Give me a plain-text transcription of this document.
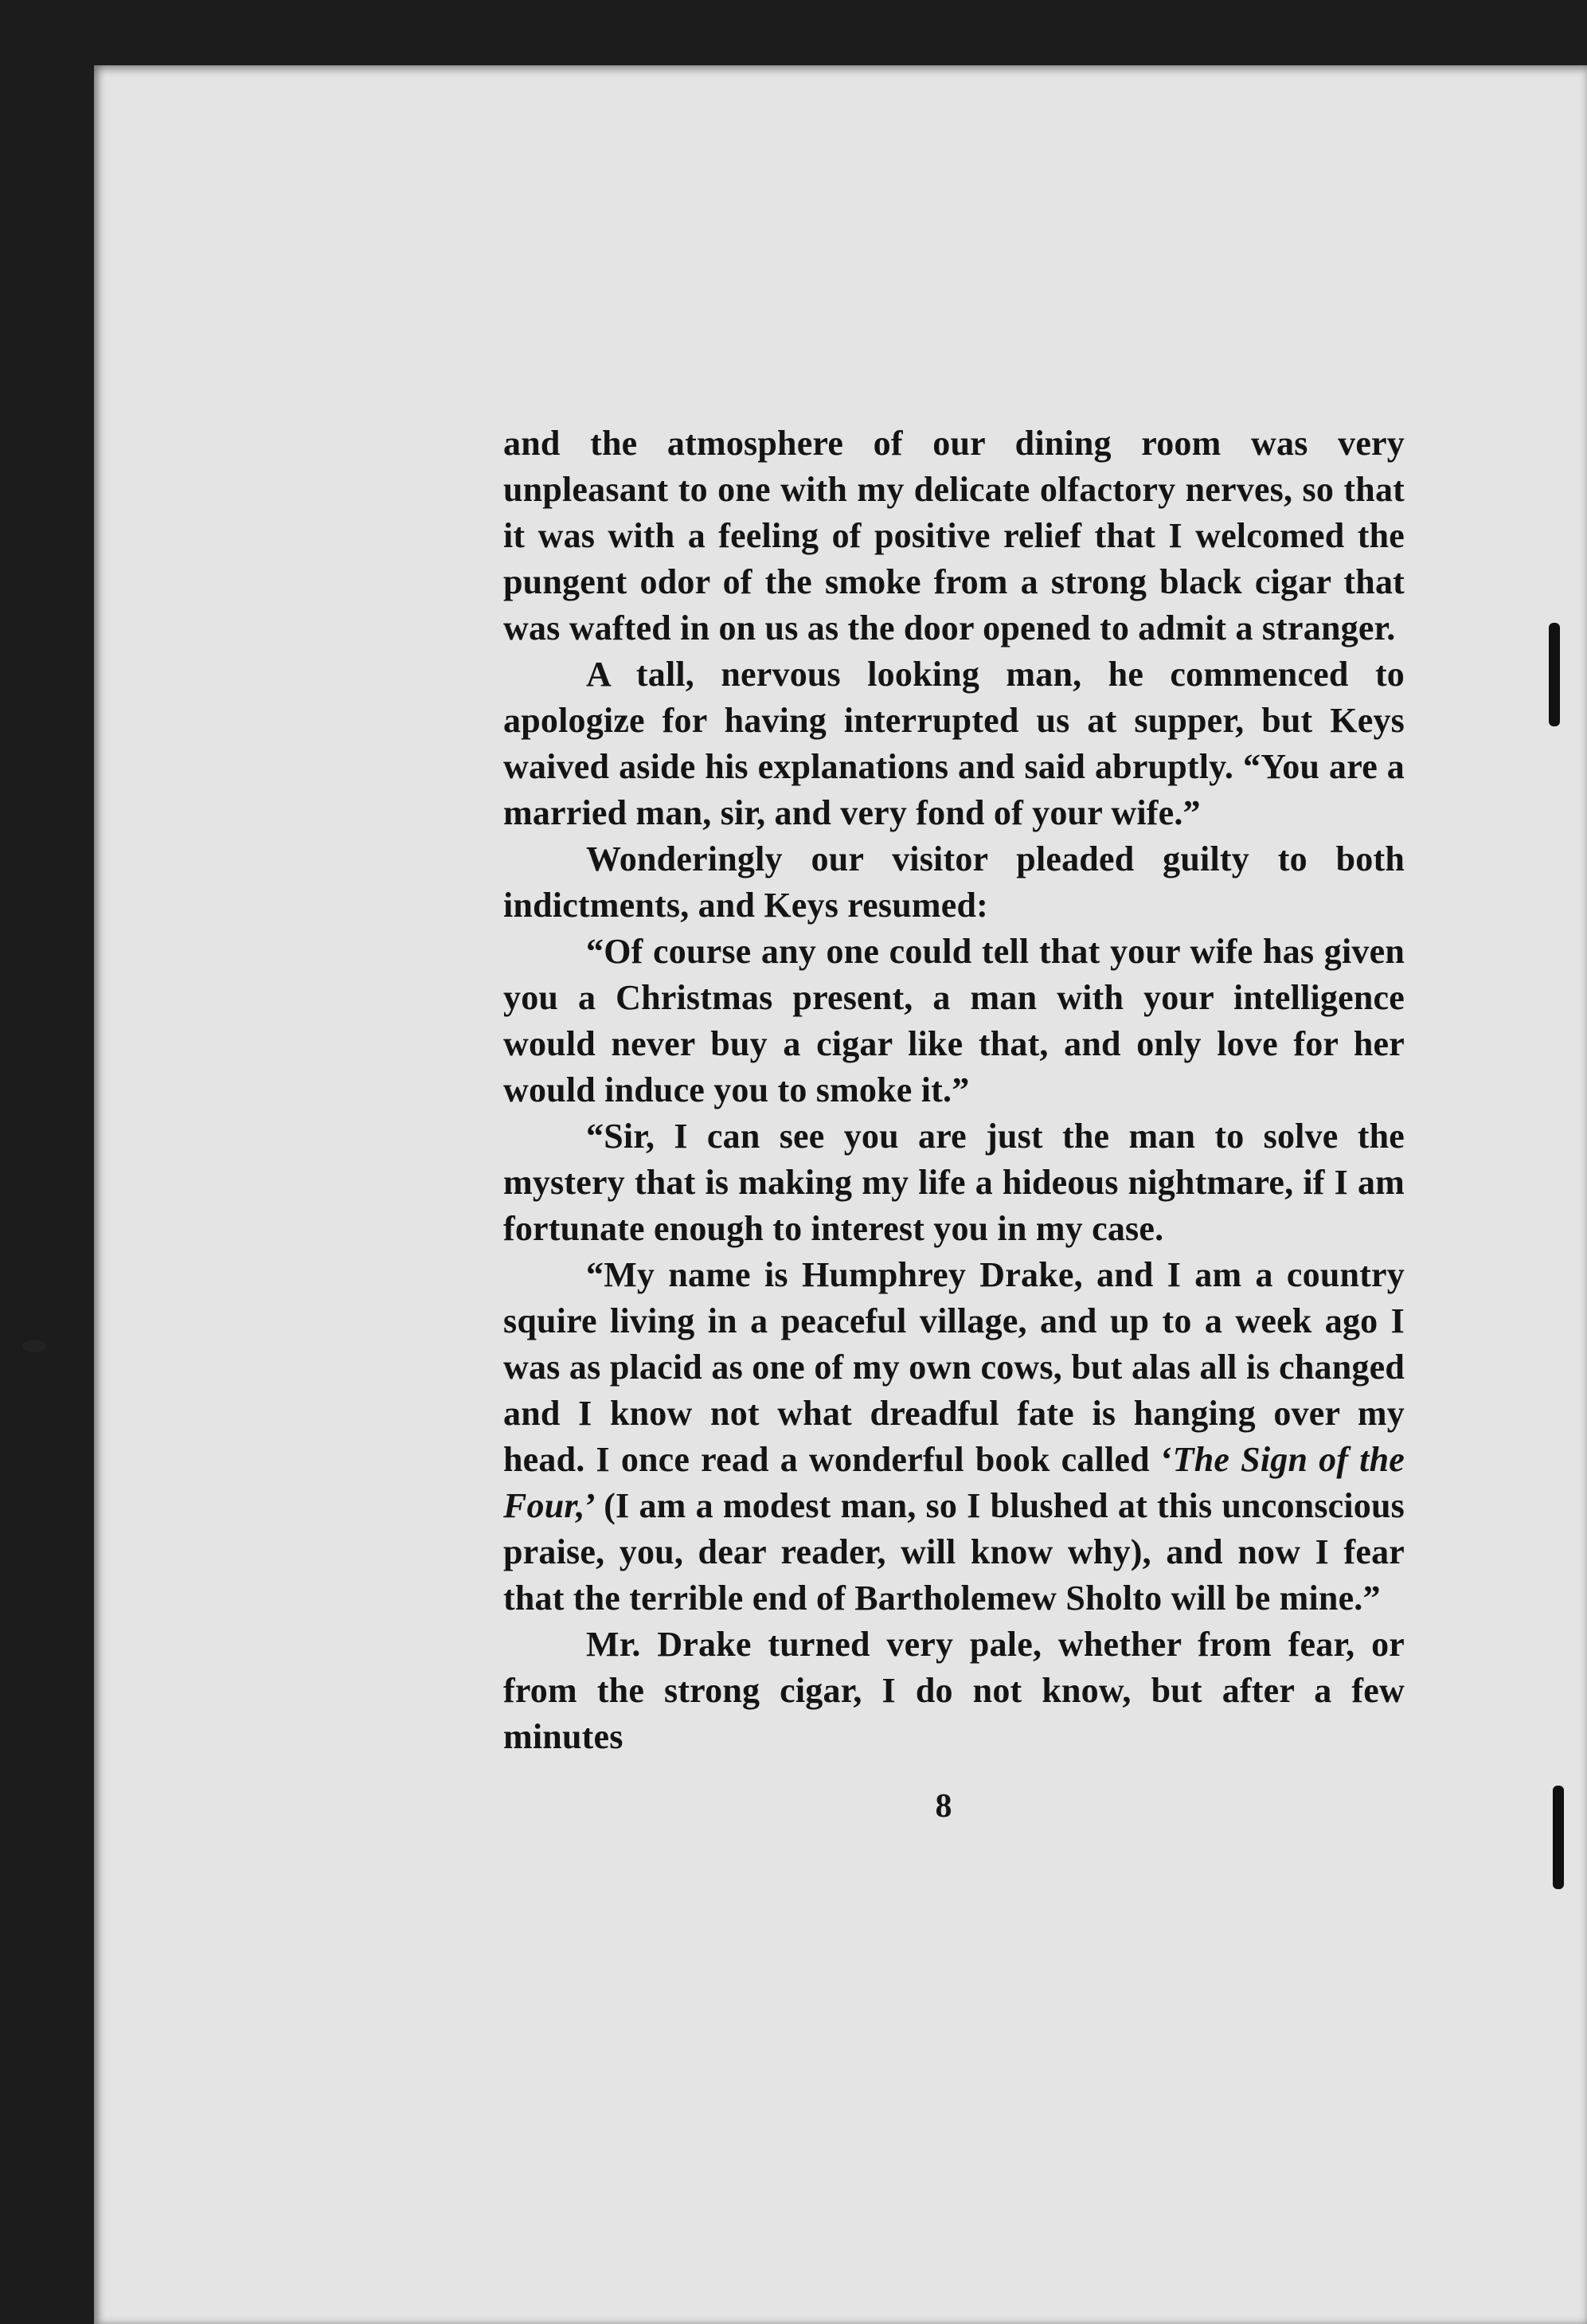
and the atmosphere of our dining room was very unpleasant to one with my delicate olfactory nerves, so that it was with a feeling of positive relief that I welcomed the pungent odor of the smoke from a strong black cigar that was wafted in on us as the door opened to admit a stranger.

A tall, nervous looking man, he commenced to apologize for having interrupted us at supper, but Keys waived aside his explanations and said abruptly. “You are a married man, sir, and very fond of your wife.”

Wonderingly our visitor pleaded guilty to both indictments, and Keys resumed:

“Of course any one could tell that your wife has given you a Christmas present, a man with your intelligence would never buy a cigar like that, and only love for her would induce you to smoke it.”

“Sir, I can see you are just the man to solve the mystery that is making my life a hideous nightmare, if I am fortunate enough to interest you in my case.

“My name is Humphrey Drake, and I am a country squire living in a peaceful village, and up to a week ago I was as placid as one of my own cows, but alas all is changed and I know not what dreadful fate is hanging over my head. I once read a wonderful book called ‘The Sign of the Four,’ (I am a modest man, so I blushed at this unconscious praise, you, dear reader, will know why), and now I fear that the terrible end of Bartholemew Sholto will be mine.”

Mr. Drake turned very pale, whether from fear, or from the strong cigar, I do not know, but after a few minutes

8
